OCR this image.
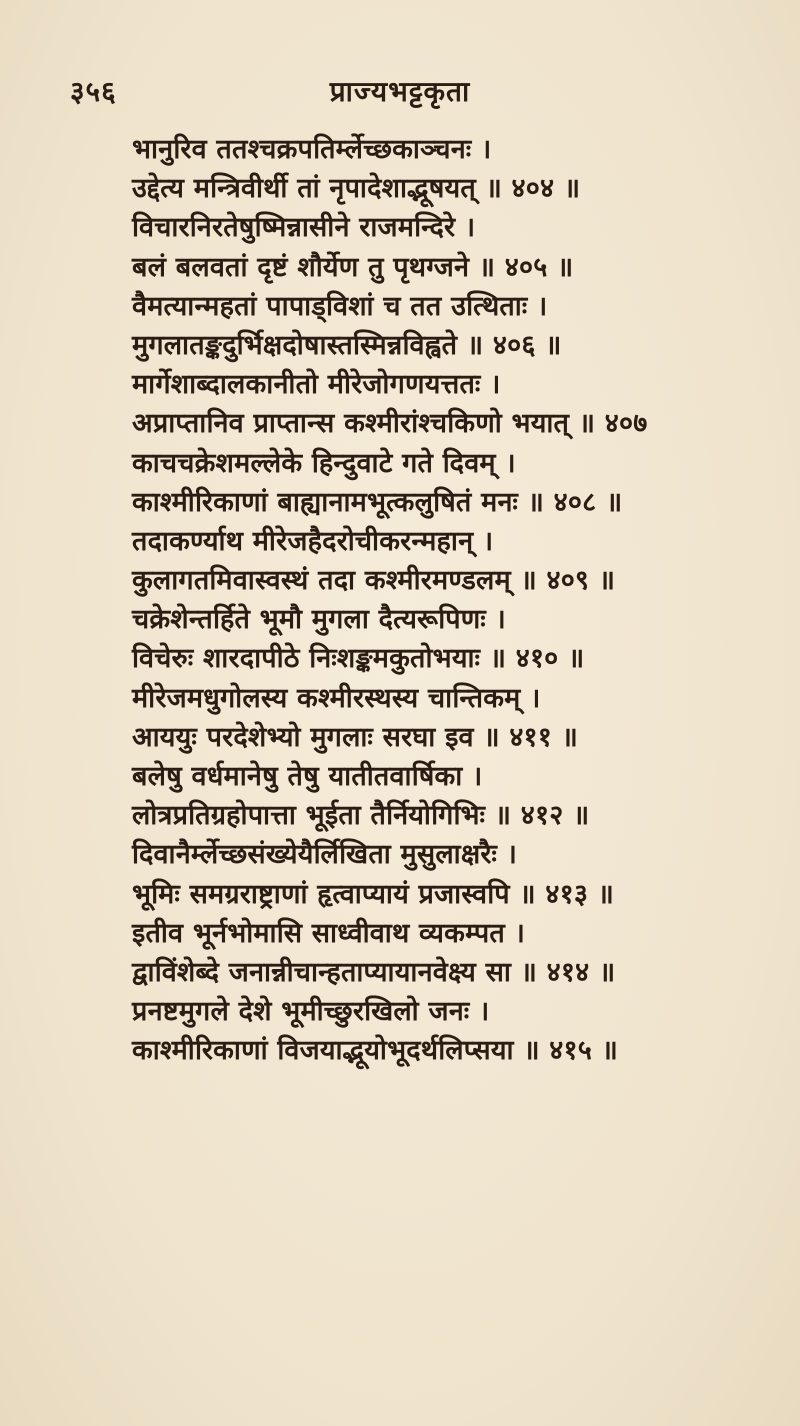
३५६	प्राज्यभट्टकृता
भानुरिव ततश्चक्रपतिर्म्लेच्छकाञ्चनः ।
उद्देत्य मन्त्रिवीर्थी तां नृपादेशाद्भूषयत् ॥ ४०४ ॥
विचारनिरतेषुष्मिन्नासीने राजमन्दिरे ।
बलं बलवतां दृष्टं शौर्येण तु पृथग्जने ॥ ४०५ ॥
वैमत्यान्महतां पापाड्विशां च तत उत्थिताः ।
मुगलातङ्कदुर्भिक्षदोषास्तस्मिन्नविह्वते ॥ ४०६ ॥
मार्गेशाब्दालकानीतो मीरेजोगणयत्ततः ।
अप्राप्तानिव प्राप्तान्स कश्मीरांश्चकिणो भयात् ॥ ४०७
काचचक्रेशमल्लेके हिन्दुवाटे गते दिवम् ।
काश्मीरिकाणां बाह्यानामभूत्कलुषितं मनः ॥ ४०८ ॥
तदाकर्ण्याथ मीरेजहैदरोचीकरन्महान् ।
कुलागतमिवास्वस्थं तदा कश्मीरमण्डलम् ॥ ४०९ ॥
चक्रेशेन्तर्हिते भूमौ मुगला दैत्यरूपिणः ।
विचेरुः शारदापीठे निःशङ्कमकुतोभयाः ॥ ४१० ॥
मीरेजमधुगोलस्य कश्मीरस्थस्य चान्तिकम् ।
आययुः परदेशेभ्यो मुगलाः सरघा इव ॥ ४११ ॥
बलेषु वर्धमानेषु तेषु यातीतवार्षिका ।
लोत्रप्रतिग्रहोपात्ता भूईता तैर्नियोगिभिः ॥ ४१२ ॥
दिवानैर्म्लेच्छसंख्येयैर्लिखिता मुसुलाक्षरैः ।
भूमिः समग्रराष्ट्राणां हृत्वाप्यायं प्रजास्वपि ॥ ४१३ ॥
इतीव भूर्नभोमासि साध्वीवाथ व्यकम्पत ।
द्वाविंशेब्दे जनान्नीचान्हताप्यायानवेक्ष्य सा ॥ ४१४ ॥
प्रनष्टमुगले देशे भूमीच्छुरखिलो जनः ।
काश्मीरिकाणां विजयाद्भूयोभूदर्थलिप्सया ॥ ४१५ ॥
